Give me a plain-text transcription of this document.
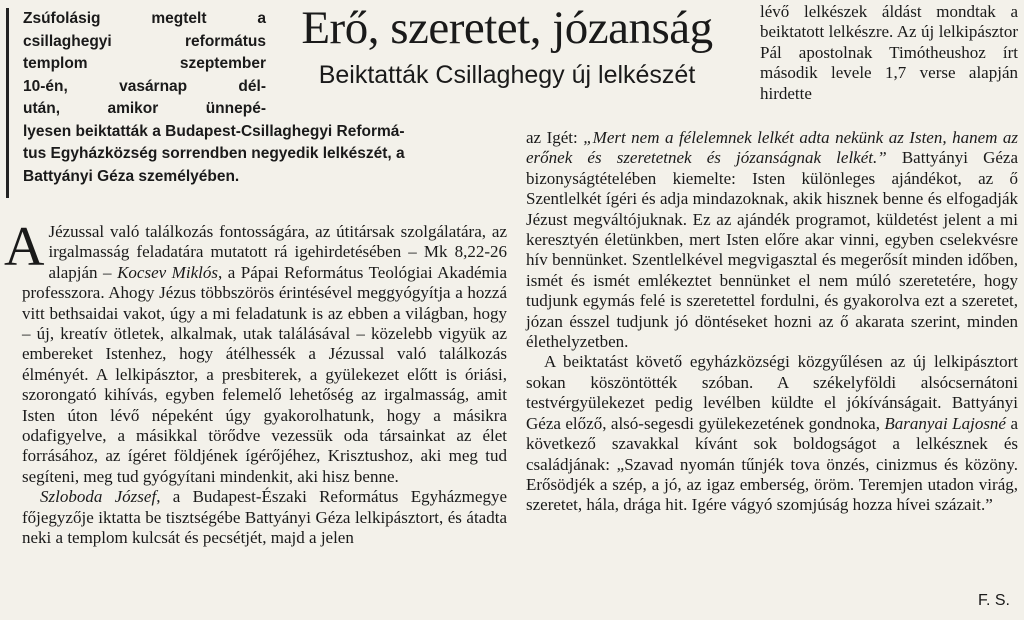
Zsúfolásig megtelt a
csillaghegyi református
templom szeptember
10-én, vasárnap dél-
után, amikor ünnepé-
lyesen beiktatták a Budapest-Csillaghegyi Reformá-
tus Egyházközség sorrendben negyedik lelkészét, a
Battyányi Géza személyében.
Erő, szeretet, józanság
Beiktatták Csillaghegy új lelkészét

lévő lelkészek áldást mondtak a beiktatott lelkészre. Az új lelkipásztor Pál apostolnak Timótheushoz írt második levele 1,7 verse alapján hirdette

A Jézussal való találkozás fontosságára, az útitársak szolgálatára, az irgalmasság feladatára mutatott rá igehirdetésében – Mk 8,22-26 alapján – Kocsev Miklós, a Pápai Református Teológiai Akadémia professzora. Ahogy Jézus többszörös érintésével meggyógyítja a hozzá vitt bethsaidai vakot, úgy a mi feladatunk is az ebben a világban, hogy – új, kreatív ötletek, alkalmak, utak találásával – közelebb vigyük az embereket Istenhez, hogy átélhessék a Jézussal való találkozás élményét. A lelkipásztor, a presbiterek, a gyülekezet előtt is óriási, szorongató kihívás, egyben felemelő lehetőség az irgalmasság, amit Isten úton lévő népeként úgy gyakorolhatunk, hogy a másikra odafigyelve, a másikkal törődve vezessük oda társainkat az élet forrásához, az ígéret földjének ígérőjéhez, Krisztushoz, aki meg tud segíteni, meg tud gyógyítani mindenkit, aki hisz benne.

Szloboda József, a Budapest-Északi Református Egyházmegye főjegyzője iktatta be tisztségébe Battyányi Géza lelkipásztort, és átadta neki a templom kulcsát és pecsétjét, majd a jelen

az Igét: „Mert nem a félelemnek lelkét adta nekünk az Isten, hanem az erőnek és szeretetnek és józanságnak lelkét.” Battyányi Géza bizonyságtételében kiemelte: Isten különleges ajándékot, az ő Szentlelkét ígéri és adja mindazoknak, akik hisznek benne és elfogadják Jézust megváltójuknak. Ez az ajándék programot, küldetést jelent a mi keresztyén életünkben, mert Isten előre akar vinni, egyben cselekvésre hív bennünket. Szentlelkével megvigasztal és megerősít minden időben, ismét és ismét emlékeztet bennünket el nem múló szeretetére, hogy tudjunk egymás felé is szeretettel fordulni, és gyakorolva ezt a szeretet, józan ésszel tudjunk jó döntéseket hozni az ő akarata szerint, minden élethelyzetben.

A beiktatást követő egyházközségi közgyűlésen az új lelkipásztort sokan köszöntötték szóban. A székelyföldi alsócsernátoni testvérgyülekezet pedig levélben küldte el jókívánságait. Battyányi Géza előző, alsó-segesdi gyülekezetének gondnoka, Baranyai Lajosné a következő szavakkal kívánt sok boldogságot a lelkésznek és családjának: „Szavad nyomán tűnjék tova önzés, cinizmus és közöny. Erősödjék a szép, a jó, az igaz emberség, öröm. Teremjen utadon virág, szeretet, hála, drága hit. Igére vágyó szomjúság hozza hívei százait.”

F. S.
